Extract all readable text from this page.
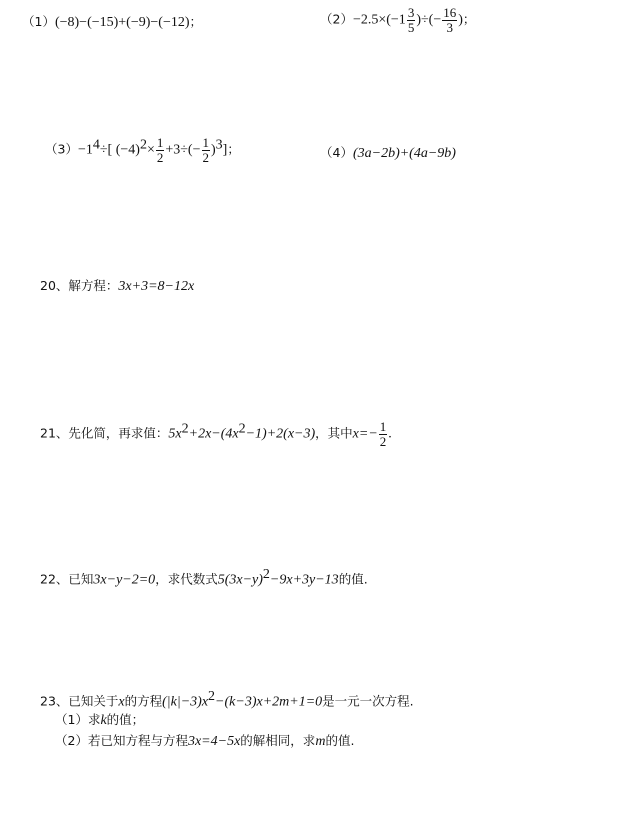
（1）(−8)−(−15)+(−9)−(−12)；	$(2)-2.5\times(-1 \frac{3}{5}$ )÷(− $\frac{16}{3}$ )；
$(3)-1^4\div$[ $(-4)^2\times \frac{1}{2} +3\div(- \frac{1}{2} )^3$]；	（4）(3a−2b)+(4a−9b)
20、解方程：3x+3=8−12x
21、先化简，再求值：$5x^2+2x-(4x^2-1)+2(x-3)$，其中$x=- \frac{1}{2}$ .
22、已知3x−y−2=0，求代数式$5(3x-y)^2-9x+3y-13$的值.
23、已知关于x的方程$(|k|-3)x^2-(k-3)x+2m+1=0$是一元一次方程.
（1）求k的值；
（2）若已知方程与方程3x=4−5x的解相同，求m的值.
